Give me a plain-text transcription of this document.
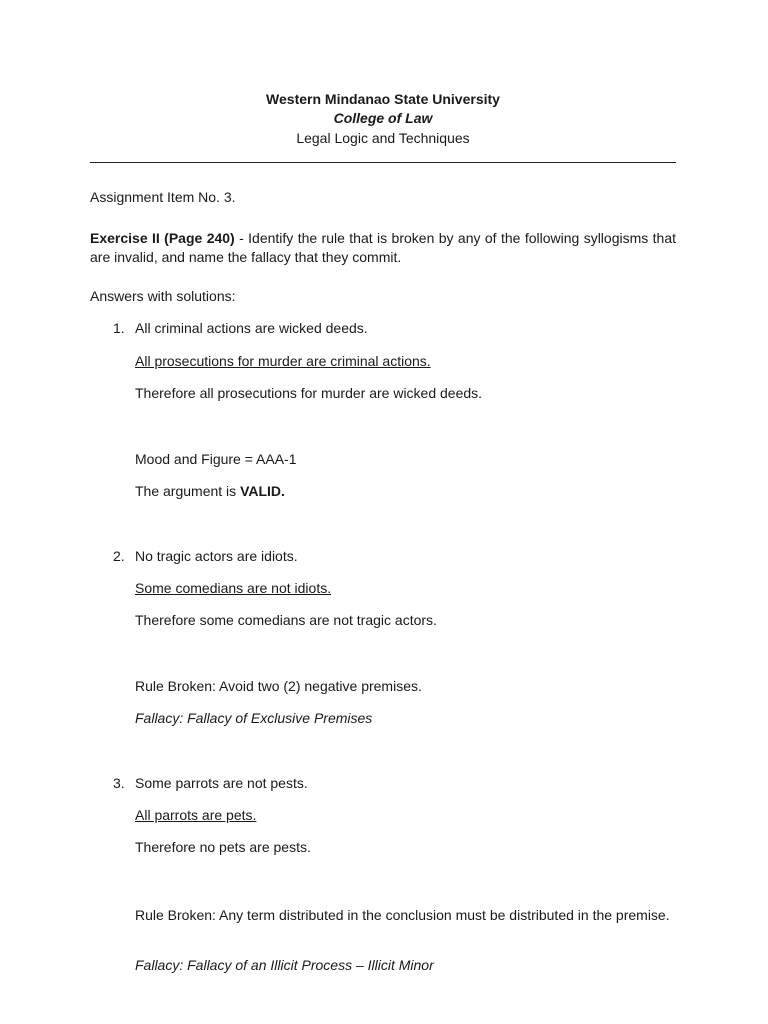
Western Mindanao State University
College of Law
Legal Logic and Techniques
Assignment Item No. 3.
Exercise II (Page 240) - Identify the rule that is broken by any of the following syllogisms that are invalid, and name the fallacy that they commit.
Answers with solutions:
1. All criminal actions are wicked deeds.
All prosecutions for murder are criminal actions.
Therefore all prosecutions for murder are wicked deeds.
Mood and Figure = AAA-1
The argument is VALID.
2. No tragic actors are idiots.
Some comedians are not idiots.
Therefore some comedians are not tragic actors.
Rule Broken: Avoid two (2) negative premises.
Fallacy: Fallacy of Exclusive Premises
3. Some parrots are not pests.
All parrots are pets.
Therefore no pets are pests.
Rule Broken: Any term distributed in the conclusion must be distributed in the premise.
Fallacy: Fallacy of an Illicit Process – Illicit Minor
